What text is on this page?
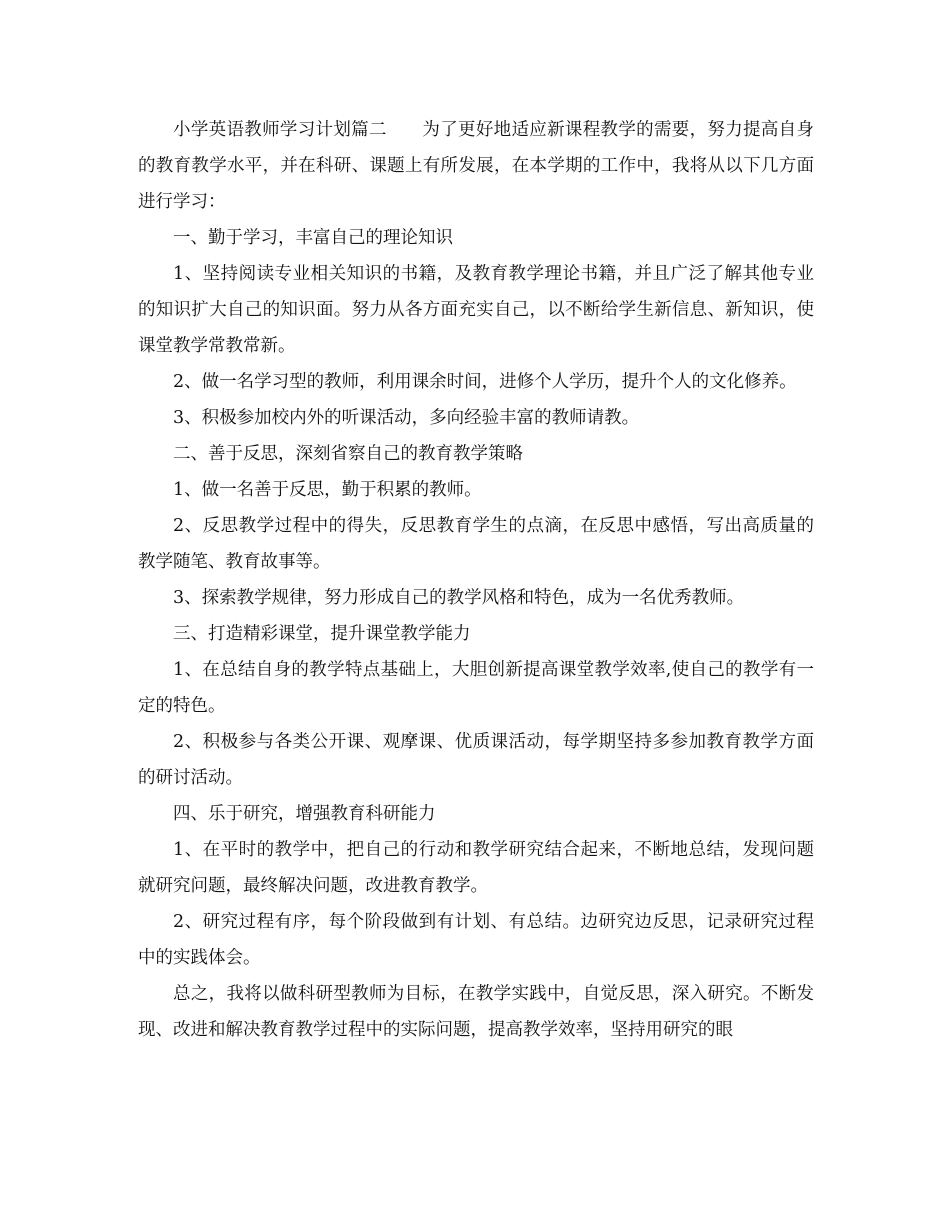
小学英语教师学习计划篇二　　为了更好地适应新课程教学的需要，努力提高自身的教育教学水平，并在科研、课题上有所发展，在本学期的工作中，我将从以下几方面进行学习：

一、勤于学习，丰富自己的理论知识

1、坚持阅读专业相关知识的书籍，及教育教学理论书籍，并且广泛了解其他专业的知识扩大自己的知识面。努力从各方面充实自己，以不断给学生新信息、新知识，使课堂教学常教常新。

2、做一名学习型的教师，利用课余时间，进修个人学历，提升个人的文化修养。

3、积极参加校内外的听课活动，多向经验丰富的教师请教。

二、善于反思，深刻省察自己的教育教学策略

1、做一名善于反思，勤于积累的教师。

2、反思教学过程中的得失，反思教育学生的点滴，在反思中感悟，写出高质量的教学随笔、教育故事等。

3、探索教学规律，努力形成自己的教学风格和特色，成为一名优秀教师。

三、打造精彩课堂，提升课堂教学能力

1、在总结自身的教学特点基础上，大胆创新提高课堂教学效率,使自己的教学有一定的特色。

2、积极参与各类公开课、观摩课、优质课活动，每学期坚持多参加教育教学方面的研讨活动。

四、乐于研究，增强教育科研能力

1、在平时的教学中，把自己的行动和教学研究结合起来，不断地总结，发现问题就研究问题，最终解决问题，改进教育教学。

2、研究过程有序，每个阶段做到有计划、有总结。边研究边反思，记录研究过程中的实践体会。

总之，我将以做科研型教师为目标，在教学实践中，自觉反思，深入研究。不断发现、改进和解决教育教学过程中的实际问题，提高教学效率，坚持用研究的眼
